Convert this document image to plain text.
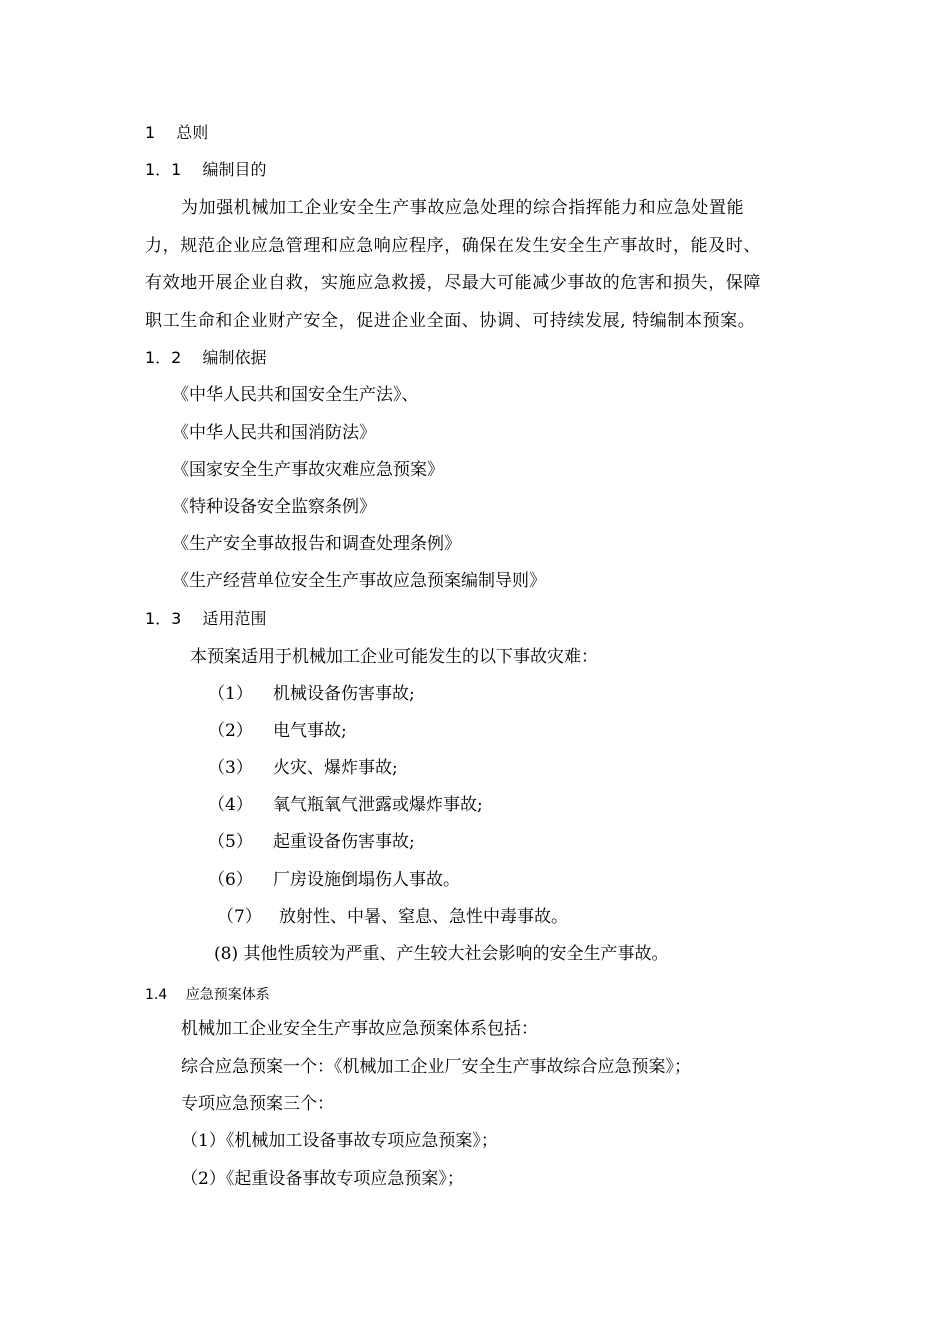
1　 总则
1．1　 编制目的
为加强机械加工企业安全生产事故应急处理的综合指挥能力和应急处置能
力，规范企业应急管理和应急响应程序，确保在发生安全生产事故时，能及时、
有效地开展企业自救，实施应急救援，尽最大可能减少事故的危害和损失，保障
职工生命和企业财产安全，促进企业全面、协调、可持续发展, 特编制本预案。
1．2　 编制依据
《中华人民共和国安全生产法》、
《中华人民共和国消防法》
《国家安全生产事故灾难应急预案》
《特种设备安全监察条例》
《生产安全事故报告和调查处理条例》
《生产经营单位安全生产事故应急预案编制导则》
1．3　 适用范围
本预案适用于机械加工企业可能发生的以下事故灾难：
（1） 机械设备伤害事故;
（2） 电气事故;
（3） 火灾、爆炸事故;
（4） 氧气瓶氧气泄露或爆炸事故;
（5） 起重设备伤害事故;
（6） 厂房设施倒塌伤人事故。
（7） 放射性、中暑、窒息、急性中毒事故。
(8) 其他性质较为严重、产生较大社会影响的安全生产事故。
1.4　 应急预案体系
机械加工企业安全生产事故应急预案体系包括：
综合应急预案一个：《机械加工企业厂安全生产事故综合应急预案》；
专项应急预案三个：
（1）《机械加工设备事故专项应急预案》；
（2）《起重设备事故专项应急预案》；
